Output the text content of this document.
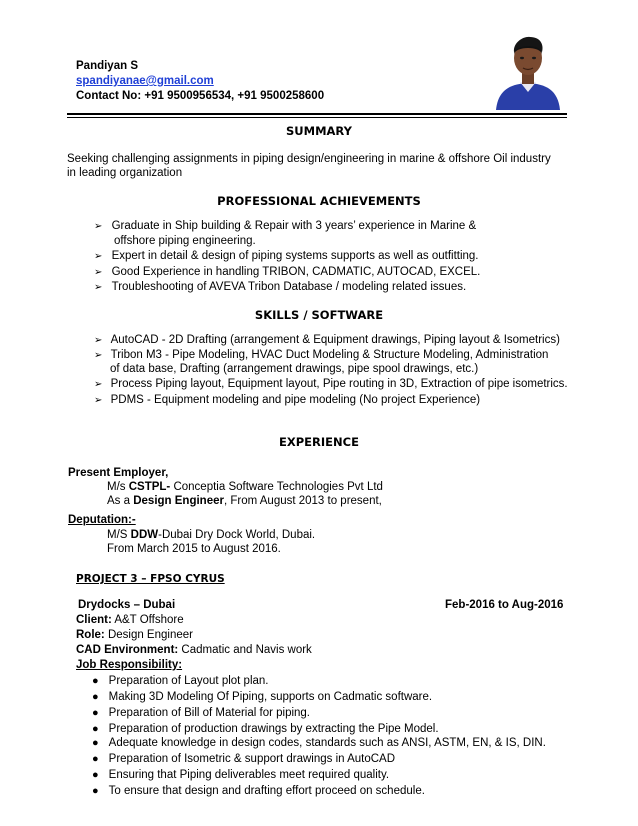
Pandiyan S
spandiyanae@gmail.com
Contact No: +91 9500956534, +91 9500258600
SUMMARY
Seeking challenging assignments in piping design/engineering in marine & offshore Oil industry
in leading organization
PROFESSIONAL ACHIEVEMENTS
➢ Graduate in Ship building & Repair with 3 years’ experience in Marine &
offshore piping engineering.
➢ Expert in detail & design of piping systems supports as well as outfitting.
➢ Good Experience in handling TRIBON, CADMATIC, AUTOCAD, EXCEL.
➢ Troubleshooting of AVEVA Tribon Database / modeling related issues.
SKILLS / SOFTWARE
➢ AutoCAD - 2D Drafting (arrangement & Equipment drawings, Piping layout & Isometrics)
➢ Tribon M3 - Pipe Modeling, HVAC Duct Modeling & Structure Modeling, Administration
of data base, Drafting (arrangement drawings, pipe spool drawings, etc.)
➢ Process Piping layout, Equipment layout, Pipe routing in 3D, Extraction of pipe isometrics.
➢ PDMS - Equipment modeling and pipe modeling (No project Experience)
EXPERIENCE
Present Employer,
M/s CSTPL- Conceptia Software Technologies Pvt Ltd
As a Design Engineer, From August 2013 to present,
Deputation:-
M/S DDW-Dubai Dry Dock World, Dubai.
From March 2015 to August 2016.
PROJECT 3 – FPSO CYRUS
Drydocks – Dubai	Feb-2016 to Aug-2016
Client: A&T Offshore
Role: Design Engineer
CAD Environment: Cadmatic and Navis work
Job Responsibility:
● Preparation of Layout plot plan.
● Making 3D Modeling Of Piping, supports on Cadmatic software.
● Preparation of Bill of Material for piping.
● Preparation of production drawings by extracting the Pipe Model.
● Adequate knowledge in design codes, standards such as ANSI, ASTM, EN, & IS, DIN.
● Preparation of Isometric & support drawings in AutoCAD
● Ensuring that Piping deliverables meet required quality.
● To ensure that design and drafting effort proceed on schedule.
